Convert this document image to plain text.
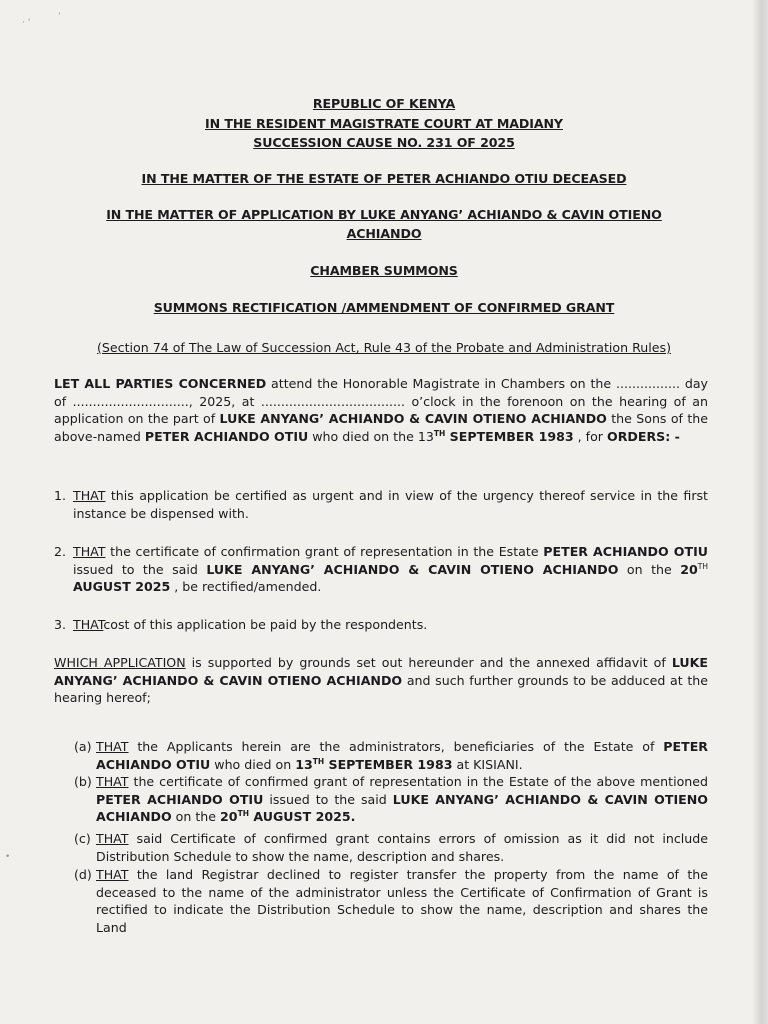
· ‘
’
REPUBLIC OF KENYA
IN THE RESIDENT MAGISTRATE COURT AT MADIANY
SUCCESSION CAUSE NO. 231 OF 2025
IN THE MATTER OF THE ESTATE OF PETER ACHIANDO OTIU DECEASED
IN THE MATTER OF APPLICATION BY LUKE ANYANG’ ACHIANDO & CAVIN OTIENO
ACHIANDO
CHAMBER SUMMONS
SUMMONS RECTIFICATION /AMMENDMENT OF CONFIRMED GRANT
(Section 74 of The Law of Succession Act, Rule 43 of the Probate and Administration Rules)
LET ALL PARTIES CONCERNED attend the Honorable Magistrate in Chambers on the ................ day of ............................., 2025, at .................................... o’clock in the forenoon on the hearing of an application on the part of LUKE ANYANG’ ACHIANDO & CAVIN OTIENO ACHIANDO the Sons of the above-named PETER ACHIANDO OTIU who died on the 13TH SEPTEMBER 1983 , for ORDERS: -
1. THAT this application be certified as urgent and in view of the urgency thereof service in the first instance be dispensed with.
2. THAT the certificate of confirmation grant of representation in the Estate PETER ACHIANDO OTIU issued to the said LUKE ANYANG’ ACHIANDO & CAVIN OTIENO ACHIANDO on the 20TH AUGUST 2025 , be rectified/amended.
3. THATcost of this application be paid by the respondents.
WHICH APPLICATION is supported by grounds set out hereunder and the annexed affidavit of LUKE ANYANG’ ACHIANDO & CAVIN OTIENO ACHIANDO and such further grounds to be adduced at the hearing hereof;
(a) THAT the Applicants herein are the administrators, beneficiaries of the Estate of PETER ACHIANDO OTIU who died on 13TH SEPTEMBER 1983 at KISIANI.
(b) THAT the certificate of confirmed grant of representation in the Estate of the above mentioned PETER ACHIANDO OTIU issued to the said LUKE ANYANG’ ACHIANDO & CAVIN OTIENO ACHIANDO on the 20TH AUGUST 2025.
(c) THAT said Certificate of confirmed grant contains errors of omission as it did not include Distribution Schedule to show the name, description and shares.
(d) THAT the land Registrar declined to register transfer the property from the name of the deceased to the name of the administrator unless the Certificate of Confirmation of Grant is rectified to indicate the Distribution Schedule to show the name, description and shares the Land
•
